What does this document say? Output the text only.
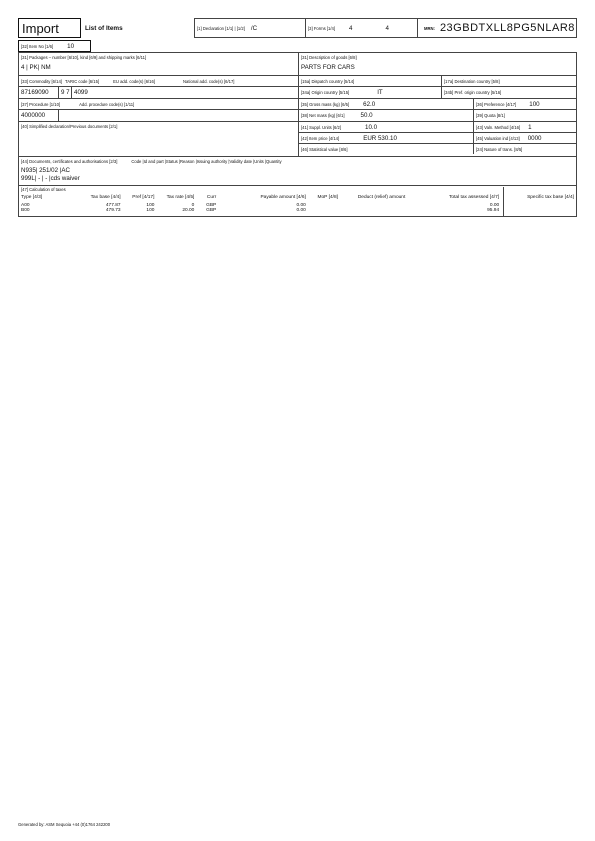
Import	List of Items	[1] Declaration [1/1] | [1/2] /C	[3] Forms [1/4] 4	4	MRN: 23GBDTXLL8PG5NLAR8
[32] Item No [1/6] 10
[31] Packages – number [6/10], kind [6/9] and shipping marks [6/11]
4 | PK| NM
[31] Description of goods [6/8]
PARTS FOR CARS
[33] Commodity [6/14] TARIC code [6/15]	EU add. code(s) [6/16]	National add. code(s) [6/17]
87169090	9 7 4099
[15a] Dispatch country [5/14]	[17a] Destination country [5/8]
[34a] Origin country [5/15]	IT	[34b] Pref. origin country [5/16]
[37] Procedure [1/10]	Add. procedure code(s) [1/11]
4000000
[35] Gross mass (kg) [6/5] 62.0	[36] Preference [4/17] 100
[38] Net mass (kg) [6/1]	50.0	[39] Quota [8/1]
[40] Simplified declaration/Previous documents [2/1]	[41] Suppl. Units [6/2]	10.0	[43] Valn. Method [4/16] 1
[42] Item price [4/14]	EUR 530.10	[45] Valuation ind [4/13] 0000
[46] Statistical value [8/6]	[24] Nature of trans. [8/5]
[44] Documents, certificates and authorisations [2/3]	Code |Id and part |Status |Reason |Issuing authority |Validity date |Units |Quantity
N935| 251/02 |AC
999L| - | - |cds waiver
[47] Calculation of taxes
Type [4/3]	Tax base [4/4]	Pref [4/17]	Tax rate [4/5]	Curr	Payable amount [4/6]	MoP [4/8]	Deduct (relief) amount	Total tax assessed [4/7]	Specific tax base [4/4]

A00	477.87	100	0	GBP	0.00			0.00	
B00	479.73	100	20.00	GBP	0.00			95.94	
Generated by: ASM Sequoia +44 (0)1764 242200
